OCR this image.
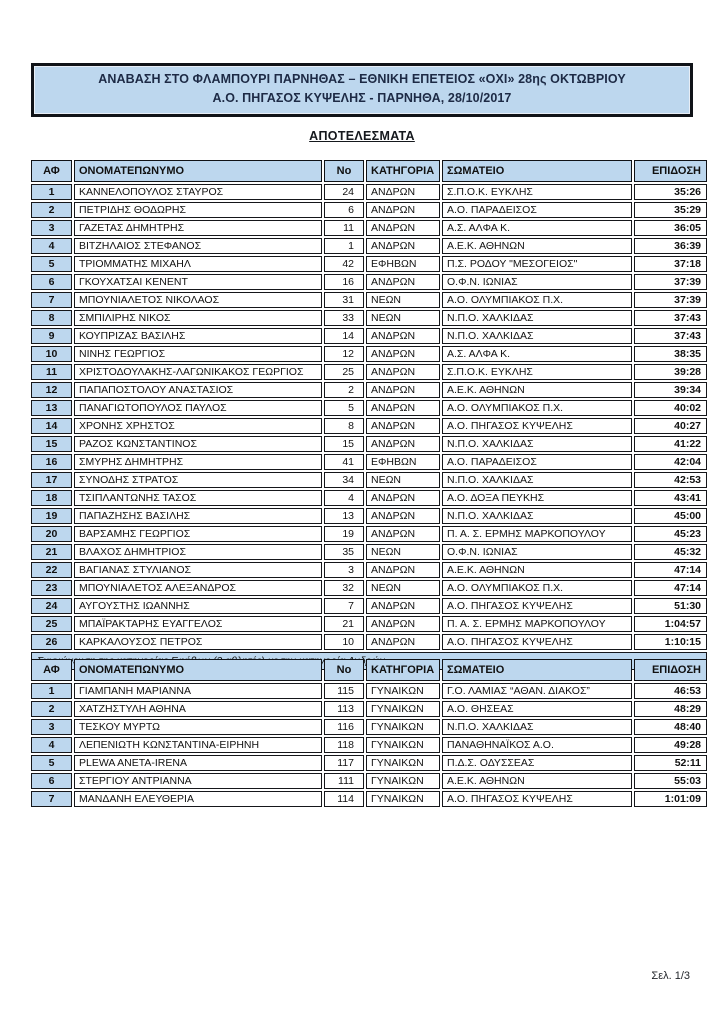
ΑΝΑΒΑΣΗ ΣΤΟ ΦΛΑΜΠΟΥΡΙ ΠΑΡΝΗΘΑΣ – ΕΘΝΙΚΗ ΕΠΕΤΕΙΟΣ «ΟΧΙ» 28ης ΟΚΤΩΒΡΙΟΥ
Α.Ο. ΠΗΓΑΣΟΣ ΚΥΨΕΛΗΣ - ΠΑΡΝΗΘΑ, 28/10/2017
ΑΠΟΤΕΛΕΣΜΑΤΑ
ΑΦ	ΟΝΟΜΑΤΕΠΩΝΥΜΟ	No	ΚΑΤΗΓΟΡΙΑ	ΣΩΜΑΤΕΙΟ	ΕΠΙΔΟΣΗ
1	ΚΑΝΝΕΛΟΠΟΥΛΟΣ ΣΤΑΥΡΟΣ	24	ΑΝΔΡΩΝ	Σ.Π.Ο.Κ. ΕΥΚΛΗΣ	35:26
2	ΠΕΤΡΙΔΗΣ ΘΟΔΩΡΗΣ	6	ΑΝΔΡΩΝ	Α.Ο. ΠΑΡΑΔΕΙΣΟΣ	35:29
3	ΓΑΖΕΤΑΣ ΔΗΜΗΤΡΗΣ	11	ΑΝΔΡΩΝ	Α.Σ. ΑΛΦΑ Κ.	36:05
4	ΒΙΤΖΗΛΑΙΟΣ ΣΤΕΦΑΝΟΣ	1	ΑΝΔΡΩΝ	Α.Ε.Κ. ΑΘΗΝΩΝ	36:39
5	ΤΡΙΟΜΜΑΤΗΣ ΜΙΧΑΗΛ	42	ΕΦΗΒΩΝ	Π.Σ. ΡΟΔΟΥ "ΜΕΣΟΓΕΙΟΣ"	37:18
6	ΓΚΟΥΧΑΤΣΑΙ ΚΕΝΕΝΤ	16	ΑΝΔΡΩΝ	Ο.Φ.Ν. ΙΩΝΙΑΣ	37:39
7	ΜΠΟΥΝΙΑΛΕΤΟΣ ΝΙΚΟΛΑΟΣ	31	ΝΕΩΝ	Α.Ο. ΟΛΥΜΠΙΑΚΟΣ Π.Χ.	37:39
8	ΣΜΠΙΛΙΡΗΣ ΝΙΚΟΣ	33	ΝΕΩΝ	Ν.Π.Ο. ΧΑΛΚΙΔΑΣ	37:43
9	ΚΟΥΠΡΙΖΑΣ ΒΑΣΙΛΗΣ	14	ΑΝΔΡΩΝ	Ν.Π.Ο. ΧΑΛΚΙΔΑΣ	37:43
10	ΝΙΝΗΣ ΓΕΩΡΓΙΟΣ	12	ΑΝΔΡΩΝ	Α.Σ. ΑΛΦΑ Κ.	38:35
11	ΧΡΙΣΤΟΔΟΥΛΑΚΗΣ-ΛΑΓΩΝΙΚΑΚΟΣ ΓΕΩΡΓΙΟΣ	25	ΑΝΔΡΩΝ	Σ.Π.Ο.Κ. ΕΥΚΛΗΣ	39:28
12	ΠΑΠΑΠΟΣΤΟΛΟΥ ΑΝΑΣΤΑΣΙΟΣ	2	ΑΝΔΡΩΝ	Α.Ε.Κ. ΑΘΗΝΩΝ	39:34
13	ΠΑΝΑΓΙΩΤΟΠΟΥΛΟΣ ΠΑΥΛΟΣ	5	ΑΝΔΡΩΝ	Α.Ο. ΟΛΥΜΠΙΑΚΟΣ Π.Χ.	40:02
14	ΧΡΟΝΗΣ ΧΡΗΣΤΟΣ	8	ΑΝΔΡΩΝ	Α.Ο. ΠΗΓΑΣΟΣ ΚΥΨΕΛΗΣ	40:27
15	ΡΑΖΟΣ ΚΩΝΣΤΑΝΤΙΝΟΣ	15	ΑΝΔΡΩΝ	Ν.Π.Ο. ΧΑΛΚΙΔΑΣ	41:22
16	ΣΜΥΡΗΣ ΔΗΜΗΤΡΗΣ	41	ΕΦΗΒΩΝ	Α.Ο. ΠΑΡΑΔΕΙΣΟΣ	42:04
17	ΣΥΝΟΔΗΣ ΣΤΡΑΤΟΣ	34	ΝΕΩΝ	Ν.Π.Ο. ΧΑΛΚΙΔΑΣ	42:53
18	ΤΣΙΠΛΑΝΤΩΝΗΣ ΤΑΣΟΣ	4	ΑΝΔΡΩΝ	Α.Ο. ΔΟΞΑ ΠΕΥΚΗΣ	43:41
19	ΠΑΠΑΖΗΣΗΣ ΒΑΣΙΛΗΣ	13	ΑΝΔΡΩΝ	Ν.Π.Ο. ΧΑΛΚΙΔΑΣ	45:00
20	ΒΑΡΣΑΜΗΣ ΓΕΩΡΓΙΟΣ	19	ΑΝΔΡΩΝ	Π. Α. Σ. ΕΡΜΗΣ ΜΑΡΚΟΠΟΥΛΟΥ	45:23
21	ΒΛΑΧΟΣ ΔΗΜΗΤΡΙΟΣ	35	ΝΕΩΝ	Ο.Φ.Ν. ΙΩΝΙΑΣ	45:32
22	ΒΑΓΙΑΝΑΣ ΣΤΥΛΙΑΝΟΣ	3	ΑΝΔΡΩΝ	Α.Ε.Κ. ΑΘΗΝΩΝ	47:14
23	ΜΠΟΥΝΙΑΛΕΤΟΣ ΑΛΕΞΑΝΔΡΟΣ	32	ΝΕΩΝ	Α.Ο. ΟΛΥΜΠΙΑΚΟΣ Π.Χ.	47:14
24	ΑΥΓΟΥΣΤΗΣ ΙΩΑΝΝΗΣ	7	ΑΝΔΡΩΝ	Α.Ο. ΠΗΓΑΣΟΣ ΚΥΨΕΛΗΣ	51:30
25	ΜΠΑΪΡΑΚΤΑΡΗΣ ΕΥΑΓΓΕΛΟΣ	21	ΑΝΔΡΩΝ	Π. Α. Σ. ΕΡΜΗΣ ΜΑΡΚΟΠΟΥΛΟΥ	1:04:57
26	ΚΑΡΚΑΛΟΥΣΟΣ ΠΕΤΡΟΣ	10	ΑΝΔΡΩΝ	Α.Ο. ΠΗΓΑΣΟΣ ΚΥΨΕΛΗΣ	1:10:15

ΑΦ	ΟΝΟΜΑΤΕΠΩΝΥΜΟ	No	ΚΑΤΗΓΟΡΙΑ	ΣΩΜΑΤΕΙΟ	ΕΠΙΔΟΣΗ
1	ΓΙΑΜΠΑΝΗ ΜΑΡΙΑΝΝΑ	115	ΓΥΝΑΙΚΩΝ	Γ.Ο. ΛΑΜΙΑΣ “ΑΘΑΝ. ΔΙΑΚΟΣ”	46:53
2	ΧΑΤΖΗΣΤΥΛΗ ΑΘΗΝΑ	113	ΓΥΝΑΙΚΩΝ	Α.Ο. ΘΗΣΕΑΣ	48:29
3	ΤΕΣΚΟΥ ΜΥΡΤΩ	116	ΓΥΝΑΙΚΩΝ	Ν.Π.Ο. ΧΑΛΚΙΔΑΣ	48:40
4	ΛΕΠΕΝΙΩΤΗ ΚΩΝΣΤΑΝΤΙΝΑ-ΕΙΡΗΝΗ	118	ΓΥΝΑΙΚΩΝ	ΠΑΝΑΘΗΝΑΪΚΟΣ Α.Ο.	49:28
5	PLEWA ANETA-IRENA	117	ΓΥΝΑΙΚΩΝ	Π.Δ.Σ. ΟΔΥΣΣΕΑΣ	52:11
6	ΣΤΕΡΓΙΟΥ ΑΝΤΡΙΑΝΝΑ	111	ΓΥΝΑΙΚΩΝ	Α.Ε.Κ. ΑΘΗΝΩΝ	55:03
7	ΜΑΝΔΑΝΗ ΕΛΕΥΘΕΡΙΑ	114	ΓΥΝΑΙΚΩΝ	Α.Ο. ΠΗΓΑΣΟΣ ΚΥΨΕΛΗΣ	1:01:09
Σελ. 1/3
